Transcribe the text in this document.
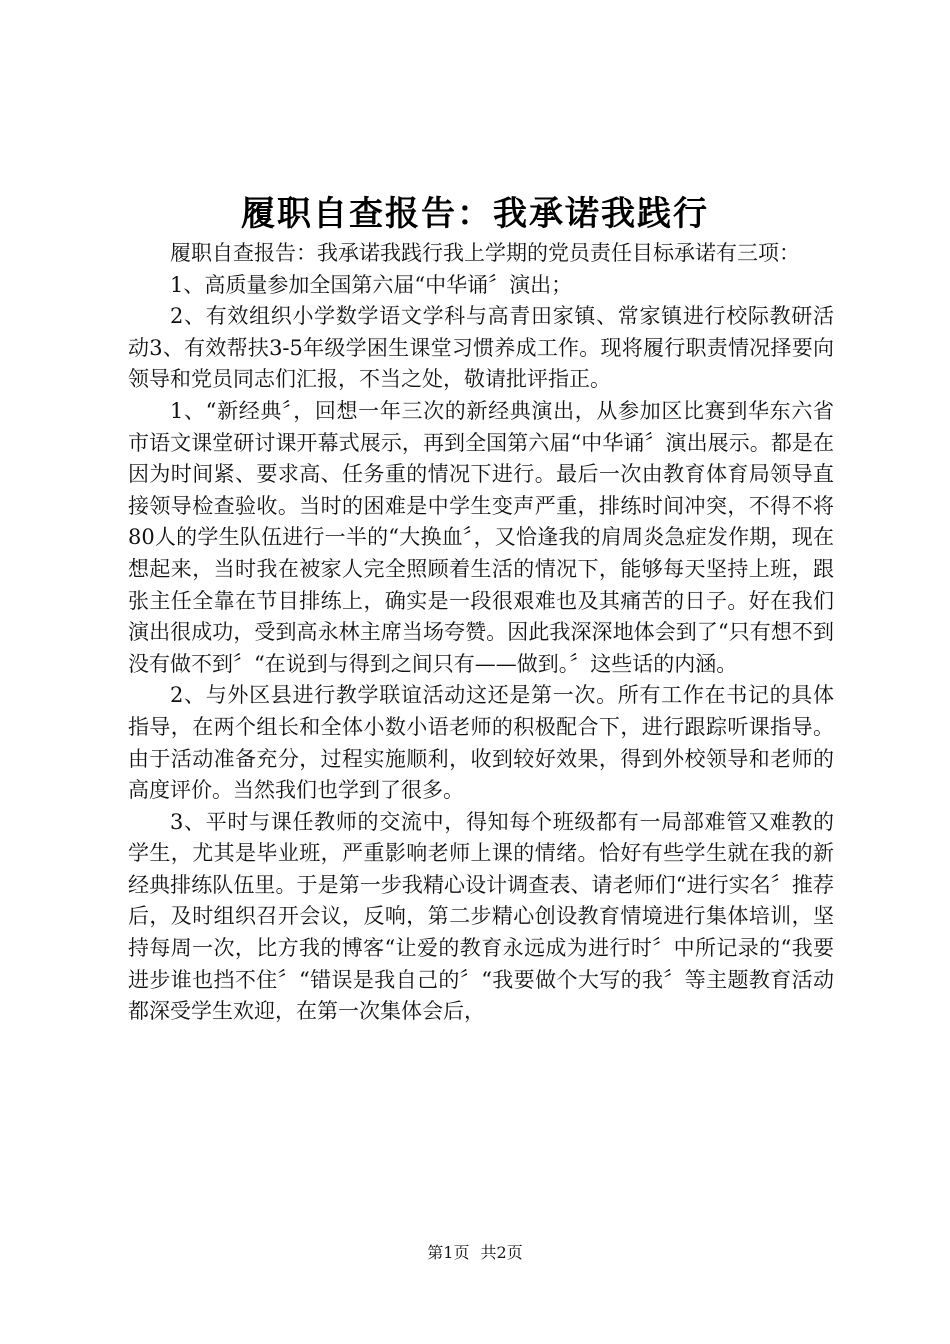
履职自查报告：我承诺我践行

履职自查报告：我承诺我践行我上学期的党员责任目标承诺有三项：

1、高质量参加全国第六届“中华诵〞演出；

2、有效组织小学数学语文学科与高青田家镇、常家镇进行校际教研活动3、有效帮扶3-5年级学困生课堂习惯养成工作。现将履行职责情况择要向领导和党员同志们汇报，不当之处，敬请批评指正。

1、“新经典〞，回想一年三次的新经典演出，从参加区比赛到华东六省市语文课堂研讨课开幕式展示，再到全国第六届“中华诵〞演出展示。都是在因为时间紧、要求高、任务重的情况下进行。最后一次由教育体育局领导直接领导检查验收。当时的困难是中学生变声严重，排练时间冲突，不得不将80人的学生队伍进行一半的“大换血〞，又恰逢我的肩周炎急症发作期，现在想起来，当时我在被家人完全照顾着生活的情况下，能够每天坚持上班，跟张主任全靠在节目排练上，确实是一段很艰难也及其痛苦的日子。好在我们演出很成功，受到高永林主席当场夸赞。因此我深深地体会到了“只有想不到没有做不到〞“在说到与得到之间只有——做到。〞这些话的内涵。

2、与外区县进行教学联谊活动这还是第一次。所有工作在书记的具体指导，在两个组长和全体小数小语老师的积极配合下，进行跟踪听课指导。由于活动准备充分，过程实施顺利，收到较好效果，得到外校领导和老师的高度评价。当然我们也学到了很多。

3、平时与课任教师的交流中，得知每个班级都有一局部难管又难教的学生，尤其是毕业班，严重影响老师上课的情绪。恰好有些学生就在我的新经典排练队伍里。于是第一步我精心设计调查表、请老师们“进行实名〞推荐后，及时组织召开会议，反响，第二步精心创设教育情境进行集体培训，坚持每周一次，比方我的博客“让爱的教育永远成为进行时〞中所记录的“我要进步谁也挡不住〞“错误是我自己的〞“我要做个大写的我〞等主题教育活动都深受学生欢迎，在第一次集体会后，

第1页 共2页
